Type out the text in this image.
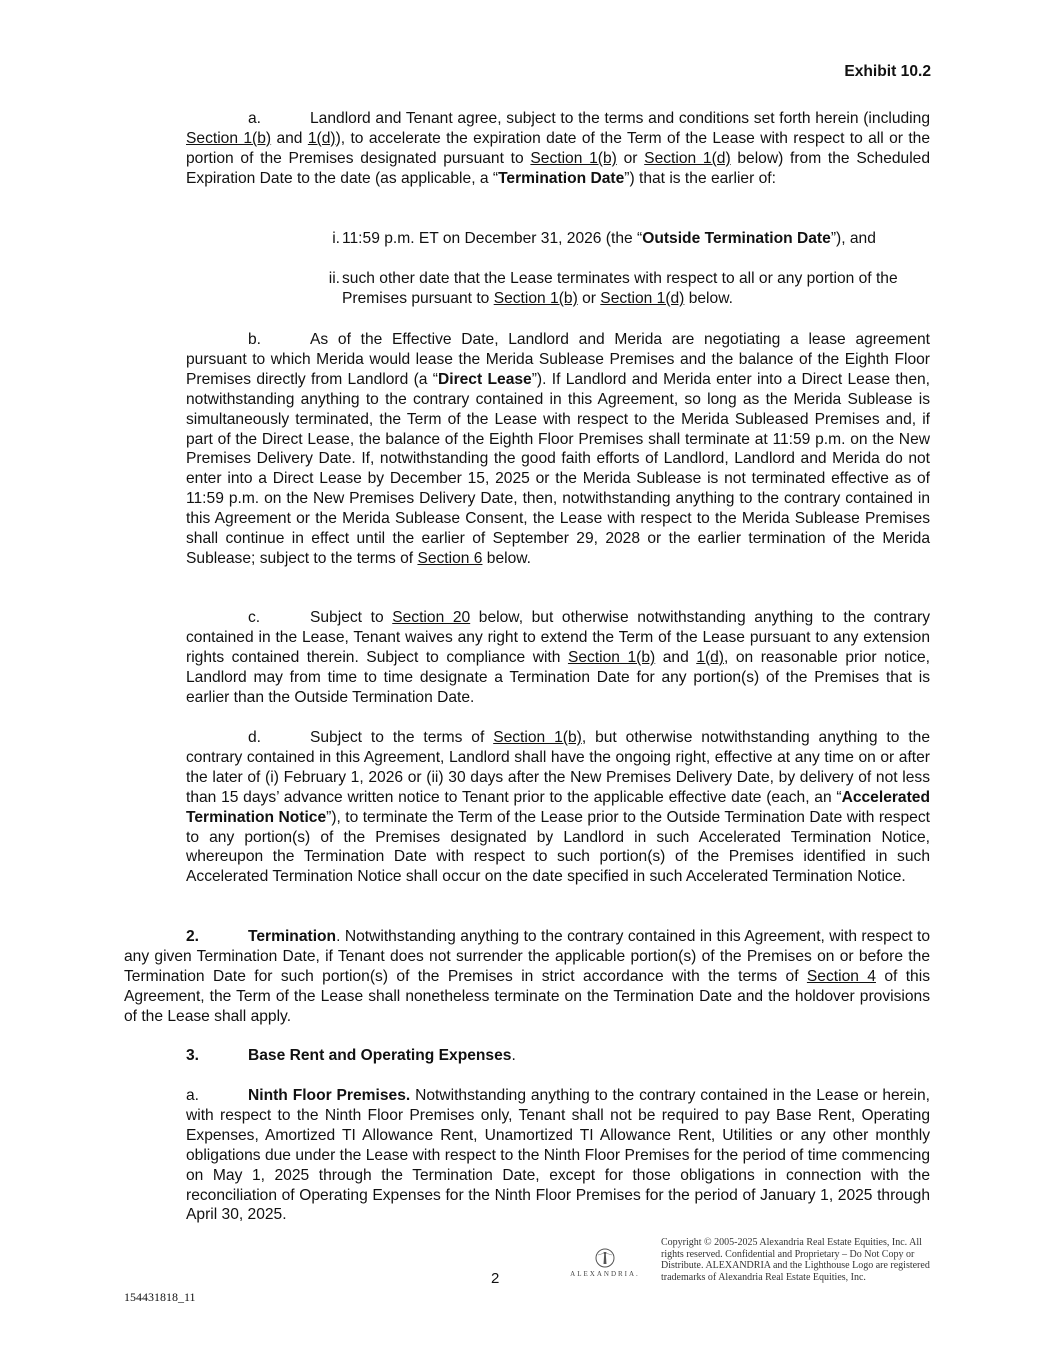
Exhibit 10.2

a.	Landlord and Tenant agree, subject to the terms and conditions set forth herein (including Section 1(b) and 1(d)), to accelerate the expiration date of the Term of the Lease with respect to all or the portion of the Premises designated pursuant to Section 1(b) or Section 1(d) below) from the Scheduled Expiration Date to the date (as applicable, a “Termination Date”) that is the earlier of:

i. 11:59 p.m. ET on December 31, 2026 (the “Outside Termination Date”), and

ii. such other date that the Lease terminates with respect to all or any portion of the Premises pursuant to Section 1(b) or Section 1(d) below.

b.	As of the Effective Date, Landlord and Merida are negotiating a lease agreement pursuant to which Merida would lease the Merida Sublease Premises and the balance of the Eighth Floor Premises directly from Landlord (a “Direct Lease”). If Landlord and Merida enter into a Direct Lease then, notwithstanding anything to the contrary contained in this Agreement, so long as the Merida Sublease is simultaneously terminated, the Term of the Lease with respect to the Merida Subleased Premises and, if part of the Direct Lease, the balance of the Eighth Floor Premises shall terminate at 11:59 p.m. on the New Premises Delivery Date. If, notwithstanding the good faith efforts of Landlord, Landlord and Merida do not enter into a Direct Lease by December 15, 2025 or the Merida Sublease is not terminated effective as of 11:59 p.m. on the New Premises Delivery Date, then, notwithstanding anything to the contrary contained in this Agreement or the Merida Sublease Consent, the Lease with respect to the Merida Sublease Premises shall continue in effect until the earlier of September 29, 2028 or the earlier termination of the Merida Sublease; subject to the terms of Section 6 below.

c.	Subject to Section 20 below, but otherwise notwithstanding anything to the contrary contained in the Lease, Tenant waives any right to extend the Term of the Lease pursuant to any extension rights contained therein. Subject to compliance with Section 1(b) and 1(d), on reasonable prior notice, Landlord may from time to time designate a Termination Date for any portion(s) of the Premises that is earlier than the Outside Termination Date.

d.	Subject to the terms of Section 1(b), but otherwise notwithstanding anything to the contrary contained in this Agreement, Landlord shall have the ongoing right, effective at any time on or after the later of (i) February 1, 2026 or (ii) 30 days after the New Premises Delivery Date, by delivery of not less than 15 days’ advance written notice to Tenant prior to the applicable effective date (each, an “Accelerated Termination Notice”), to terminate the Term of the Lease prior to the Outside Termination Date with respect to any portion(s) of the Premises designated by Landlord in such Accelerated Termination Notice, whereupon the Termination Date with respect to such portion(s) of the Premises identified in such Accelerated Termination Notice shall occur on the date specified in such Accelerated Termination Notice.

2.	Termination. Notwithstanding anything to the contrary contained in this Agreement, with respect to any given Termination Date, if Tenant does not surrender the applicable portion(s) of the Premises on or before the Termination Date for such portion(s) of the Premises in strict accordance with the terms of Section 4 of this Agreement, the Term of the Lease shall nonetheless terminate on the Termination Date and the holdover provisions of the Lease shall apply.

3.	Base Rent and Operating Expenses.

a.	Ninth Floor Premises. Notwithstanding anything to the contrary contained in the Lease or herein, with respect to the Ninth Floor Premises only, Tenant shall not be required to pay Base Rent, Operating Expenses, Amortized TI Allowance Rent, Unamortized TI Allowance Rent, Utilities or any other monthly obligations due under the Lease with respect to the Ninth Floor Premises for the period of time commencing on May 1, 2025 through the Termination Date, except for those obligations in connection with the reconciliation of Operating Expenses for the Ninth Floor Premises for the period of January 1, 2025 through April 30, 2025.

2
154431818_11
ALEXANDRIA.
Copyright © 2005-2025 Alexandria Real Estate Equities, Inc. All rights reserved. Confidential and Proprietary – Do Not Copy or Distribute. ALEXANDRIA and the Lighthouse Logo are registered trademarks of Alexandria Real Estate Equities, Inc.
